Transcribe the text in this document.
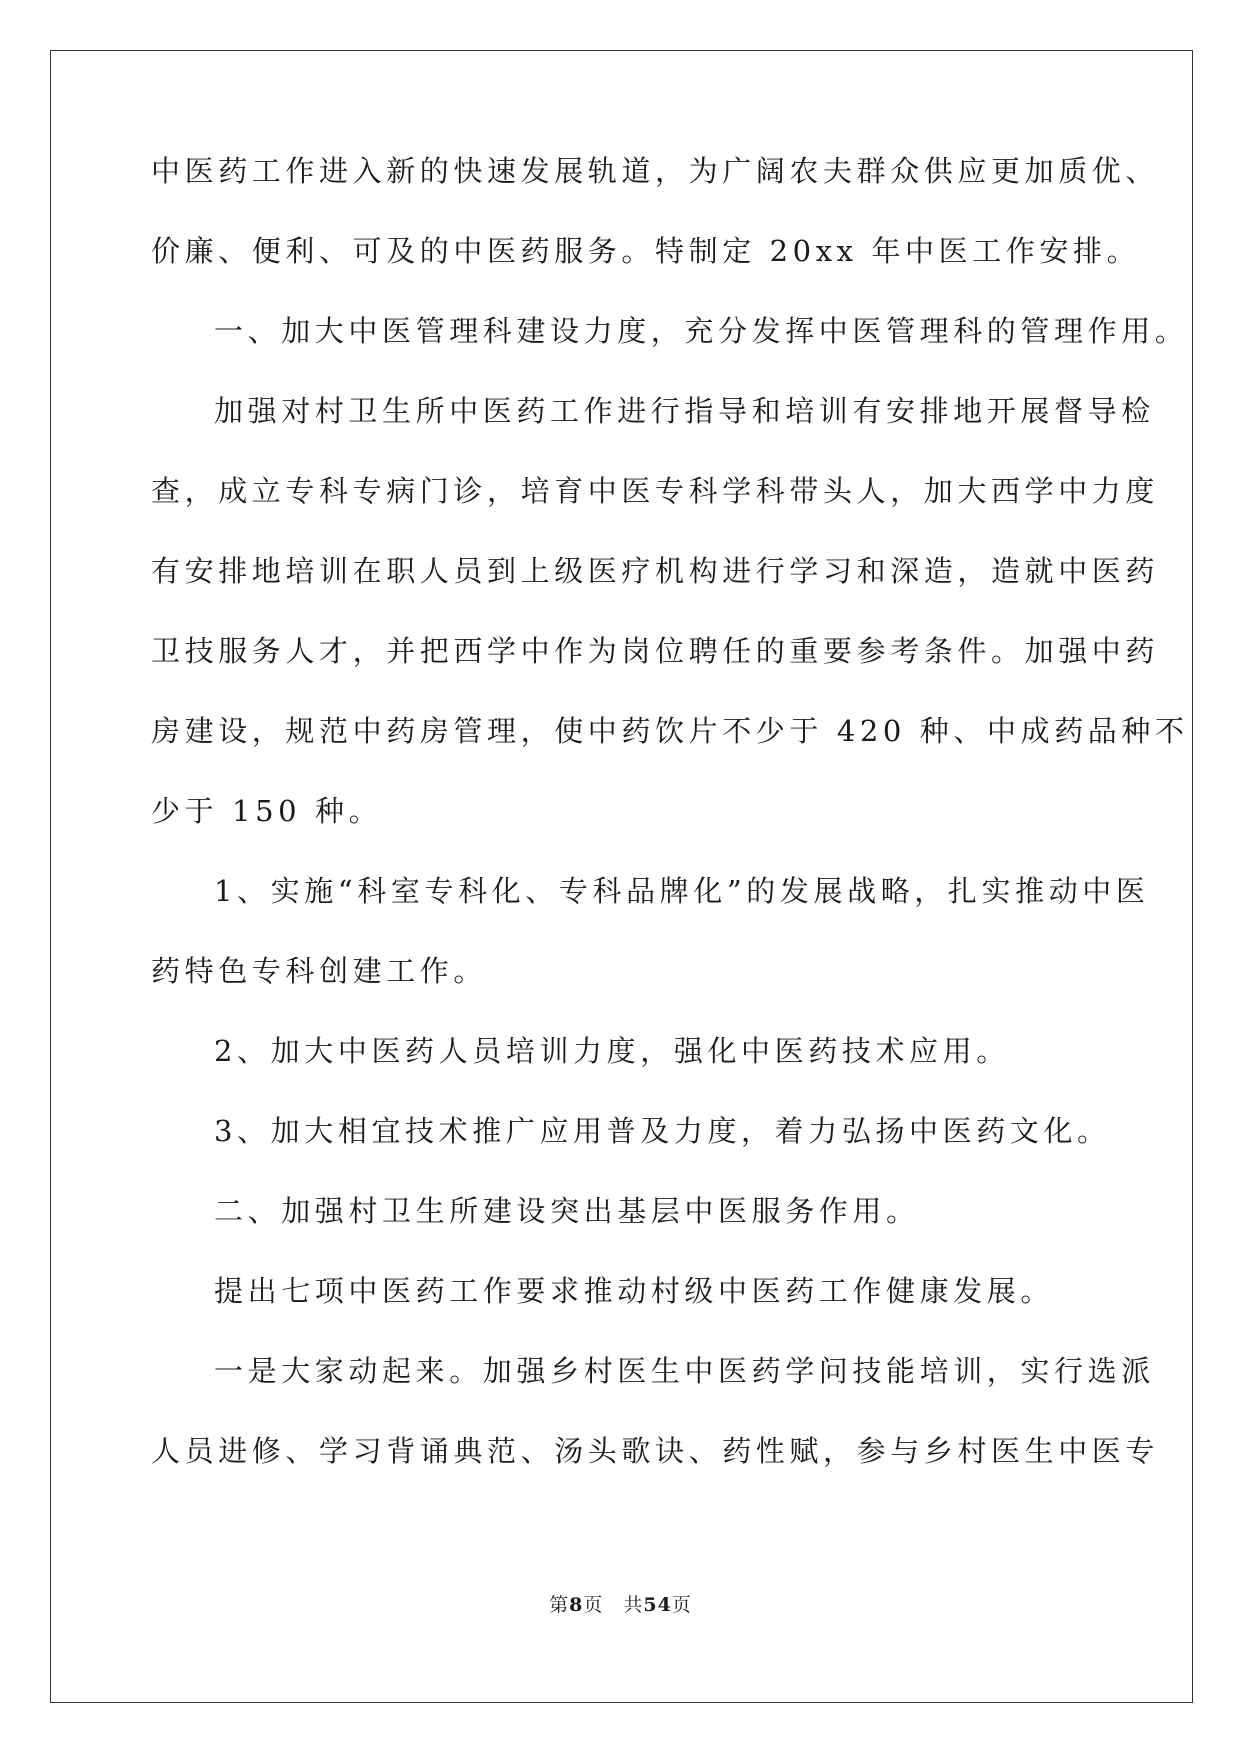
中医药工作进入新的快速发展轨道，为广阔农夫群众供应更加质优、
价廉、便利、可及的中医药服务。特制定 20xx 年中医工作安排。
一、加大中医管理科建设力度，充分发挥中医管理科的管理作用。
加强对村卫生所中医药工作进行指导和培训有安排地开展督导检
查，成立专科专病门诊，培育中医专科学科带头人，加大西学中力度
有安排地培训在职人员到上级医疗机构进行学习和深造，造就中医药
卫技服务人才，并把西学中作为岗位聘任的重要参考条件。加强中药
房建设，规范中药房管理，使中药饮片不少于 420 种、中成药品种不
少于 150 种。
1、实施“科室专科化、专科品牌化”的发展战略，扎实推动中医
药特色专科创建工作。
2、加大中医药人员培训力度，强化中医药技术应用。
3、加大相宜技术推广应用普及力度，着力弘扬中医药文化。
二、加强村卫生所建设突出基层中医服务作用。
提出七项中医药工作要求推动村级中医药工作健康发展。
一是大家动起来。加强乡村医生中医药学问技能培训，实行选派
人员进修、学习背诵典范、汤头歌诀、药性赋，参与乡村医生中医专
第8页　共54页
